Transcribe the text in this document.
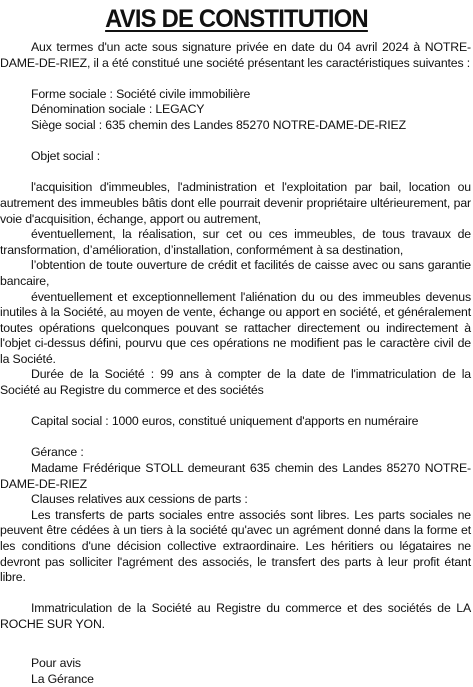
AVIS DE CONSTITUTION

Aux termes d'un acte sous signature privée en date du 04 avril 2024 à NOTRE-DAME-DE-RIEZ, il a été constitué une société présentant les caractéristiques suivantes :

Forme sociale : Société civile immobilière

Dénomination sociale : LEGACY

Siège social : 635 chemin des Landes 85270 NOTRE-DAME-DE-RIEZ

Objet social :

l'acquisition d'immeubles, l'administration et l'exploitation par bail, location ou autrement des immeubles bâtis dont elle pourrait devenir propriétaire ultérieurement, par voie d'acquisition, échange, apport ou autrement,

éventuellement, la réalisation, sur cet ou ces immeubles, de tous travaux de transformation, d’amélioration, d’installation, conformément à sa destination,

l’obtention de toute ouverture de crédit et facilités de caisse avec ou sans garantie bancaire,

éventuellement et exceptionnellement l'aliénation du ou des immeubles devenus inutiles à la Société, au moyen de vente, échange ou apport en société, et généralement toutes opérations quelconques pouvant se rattacher directement ou indirectement à l'objet ci-dessus défini, pourvu que ces opérations ne modifient pas le caractère civil de la Société.

Durée de la Société : 99 ans à compter de la date de l'immatriculation de la Société au Registre du commerce et des sociétés

Capital social : 1000 euros, constitué uniquement d'apports en numéraire

Gérance :

Madame Frédérique STOLL demeurant 635 chemin des Landes 85270 NOTRE-DAME-DE-RIEZ

Clauses relatives aux cessions de parts :

Les transferts de parts sociales entre associés sont libres. Les parts sociales ne peuvent être cédées à un tiers à la société qu'avec un agrément donné dans la forme et les conditions d'une décision collective extraordinaire. Les héritiers ou légataires ne devront pas solliciter l'agrément des associés, le transfert des parts à leur profit étant libre.

Immatriculation de la Société au Registre du commerce et des sociétés de LA ROCHE SUR YON.

Pour avis

La Gérance
